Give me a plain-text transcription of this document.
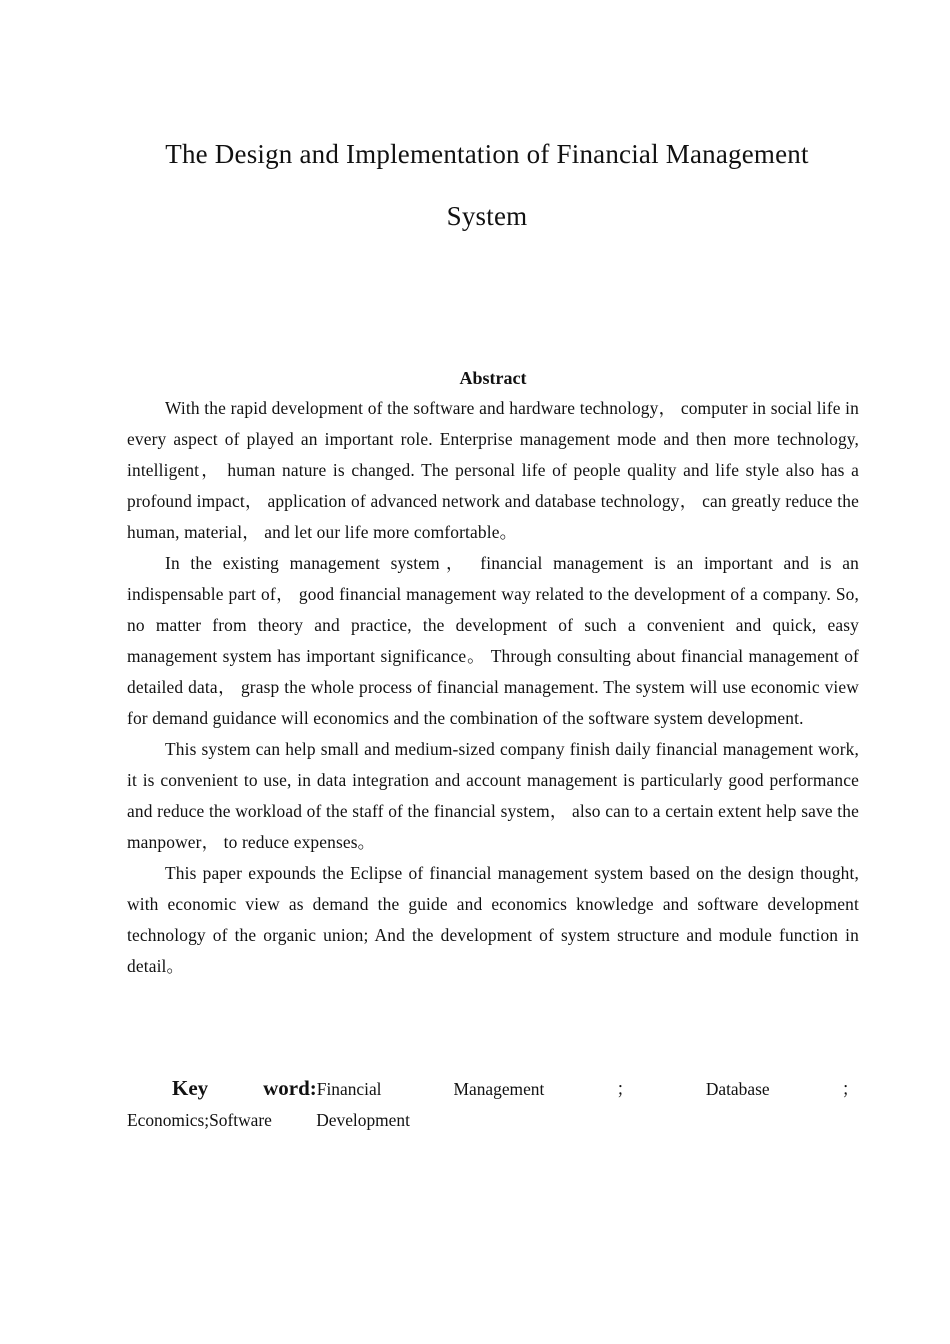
The Design and Implementation of Financial Management
System
Abstract

With the rapid development of the software and hardware technology， computer in social life in every aspect of played an important role. Enterprise management mode and then more technology, intelligent， human nature is changed. The personal life of people quality and life style also has a profound impact， application of advanced network and database technology， can greatly reduce the human, material， and let our life more comfortable。

In the existing management system， financial management is an important and is an indispensable part of， good financial management way related to the development of a company. So, no matter from theory and practice, the development of such a convenient and quick, easy management system has important significance。 Through consulting about financial management of detailed data， grasp the whole process of financial management. The system will use economic view for demand guidance will economics and the combination of the software system development.

This system can help small and medium-sized company finish daily financial management work, it is convenient to use, in data integration and account management is particularly good performance and reduce the workload of the staff of the financial system， also can to a certain extent help save the manpower， to reduce expenses。

This paper expounds the Eclipse of financial management system based on the design thought, with economic view as demand the guide and economics knowledge and software development technology of the organic union; And the development of system structure and module function in detail。

Key word:Financial Management ； Database ； Economics;Software Development
